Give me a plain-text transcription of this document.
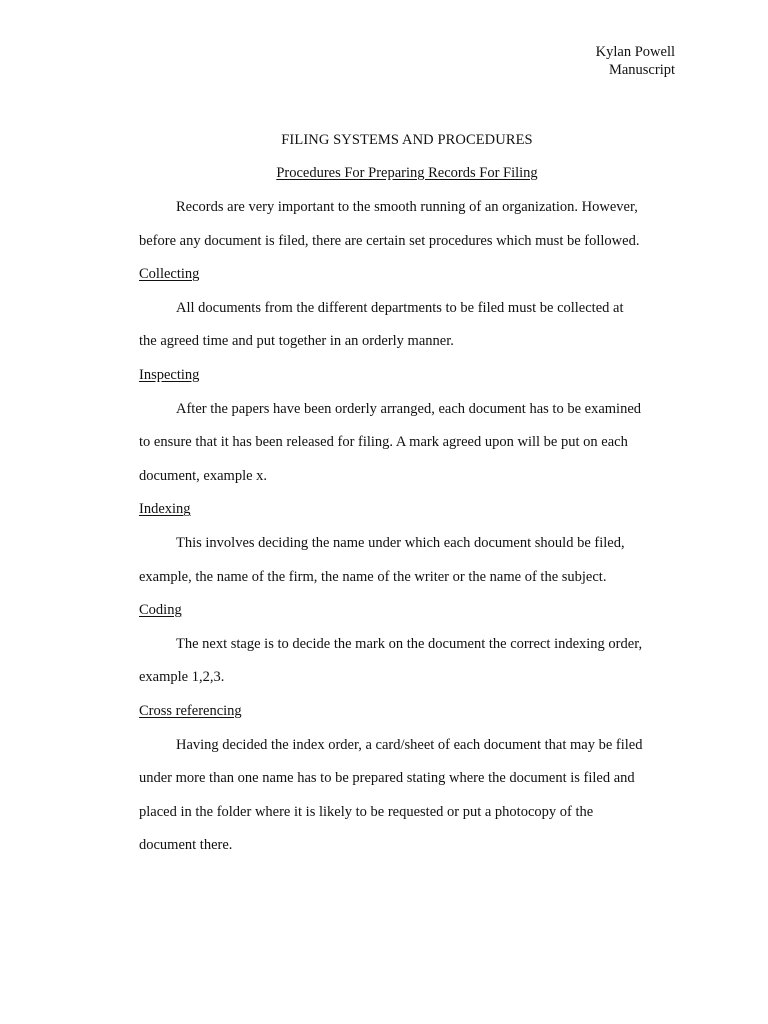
Kylan Powell
Manuscript
FILING SYSTEMS AND PROCEDURES
Procedures For Preparing Records For Filing
Records are very important to the smooth running of an organization. However,
before any document is filed, there are certain set procedures which must be followed.
Collecting
All documents from the different departments to be filed must be collected at
the agreed time and put together in an orderly manner.
Inspecting
After the papers have been orderly arranged, each document has to be examined
to ensure that it has been released for filing. A mark agreed upon will be put on each
document, example x.
Indexing
This involves deciding the name under which each document should be filed,
example, the name of the firm, the name of the writer or the name of the subject.
Coding
The next stage is to decide the mark on the document the correct indexing order,
example 1,2,3.
Cross referencing
Having decided the index order, a card/sheet of each document that may be filed
under more than one name has to be prepared stating where the document is filed and
placed in the folder where it is likely to be requested or put a photocopy of the
document there.
